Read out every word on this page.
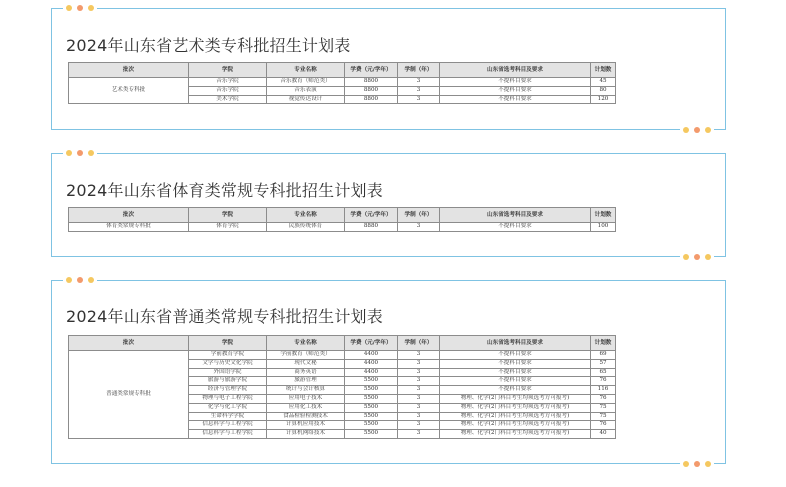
2024年山东省艺术类专科批招生计划表
批次	学院	专业名称	学费（元/学年）	学制（年）	山东省选考科目及要求	计划数
艺术类专科批	音乐学院	音乐教育（师范类）	8800	3	不提科目要求	45
	音乐学院	音乐表演	8800	3	不提科目要求	80
	美术学院	视觉传达设计	8800	3	不提科目要求	120
2024年山东省体育类常规专科批招生计划表
批次	学院	专业名称	学费（元/学年）	学制（年）	山东省选考科目及要求	计划数
体育类常规专科批	体育学院	民族传统体育	8880	3	不提科目要求	100
2024年山东省普通类常规专科批招生计划表
批次	学院	专业名称	学费（元/学年）	学制（年）	山东省选考科目及要求	计划数
普通类常规专科批	学前教育学院	学前教育（师范类）	4400	3	不提科目要求	69
	文学与历史文化学院	现代文秘	4400	3	不提科目要求	57
	外国语学院	商务英语	4400	3	不提科目要求	65
	旅游与旅游学院	旅游管理	5500	3	不提科目要求	76
	经济与管理学院	统计与会计核算	5500	3	不提科目要求	116
	物理与电子工程学院	应用电子技术	5500	3	物理、化学(2门科目考生均须选考方可报考)	76
	化学与化工学院	应用化工技术	5500	3	物理、化学(2门科目考生均须选考方可报考)	75
	生命科学学院	食品检验检测技术	5500	3	物理、化学(2门科目考生均须选考方可报考)	75
	信息科学与工程学院	计算机应用技术	5500	3	物理、化学(2门科目考生均须选考方可报考)	76
	信息科学与工程学院	计算机网络技术	5500	3	物理、化学(2门科目考生均须选考方可报考)	40
